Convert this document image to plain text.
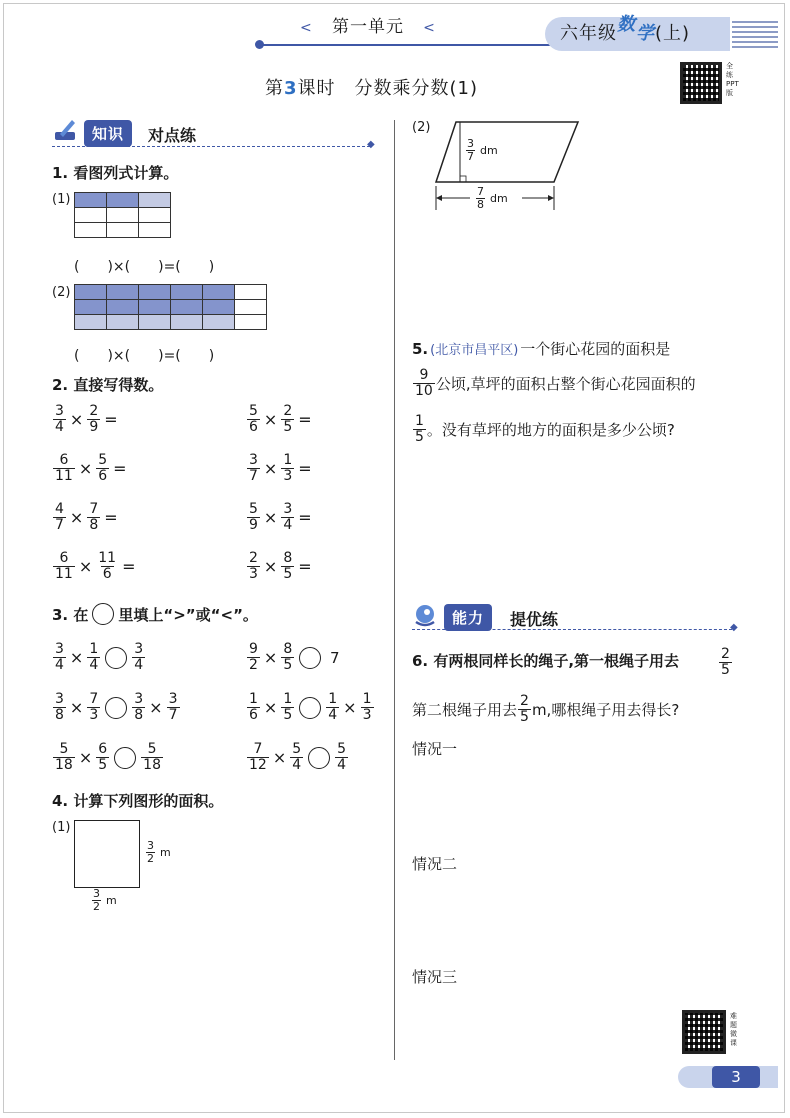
< 第一单元 <	六年级数学(上)
第3课时　分数乘分数(1)
全练PPT版
知识	对点练	◆
1. 看图列式计算。
(1)

(　　)×(　　)=(　　)
(2)

(　　)×(　　)=(　　)
2. 直接写得数。
$\frac{3}{4} \times \frac{2}{9}$ =	$\frac{5}{6} \times \frac{2}{5}$ =
$\frac{6}{11} \times \frac{5}{6}$ =	$\frac{3}{7} \times \frac{1}{3}$ =
$\frac{4}{7} \times \frac{7}{8}$ =	$\frac{5}{9} \times \frac{3}{4}$ =
$\frac{6}{11} \times \frac{11}{6}$ =	$\frac{2}{3} \times \frac{8}{5}$ =
3. 在 里填上“>”或“<”。
$\frac{3}{4} \times \frac{1}{4} \frac{3}{4}$	$\frac{9}{2} \times \frac{8}{5} 7$
$\frac{3}{8} \times \frac{7}{3} \frac{3}{8} \times \frac{3}{7}$	$\frac{1}{6} \times \frac{1}{5} \frac{1}{4} \times \frac{1}{3}$
$\frac{5}{18} \times \frac{6}{5} \frac{5}{18}$	$\frac{7}{12} \times \frac{5}{4} \frac{5}{4}$
4. 计算下列图形的面积。
(1)
3
2 m
3
2 m
(2)
3
7 dm
7
8 dm
5. (北京市昌平区) 一个街心花园的面积是
$\frac{9}{10}$ 公顷,草坪的面积占整个街心花园面积的
$\frac{1}{5}$ 。没有草坪的地方的面积是多少公顷?
能力	提优练	◆
6. 有两根同样长的绳子,第一根绳子用去	$\frac{2}{5}$
第二根绳子用去 $\frac{2}{5} m$,哪根绳子用去得长?
情况一
情况二
情况三
难题微课
3
